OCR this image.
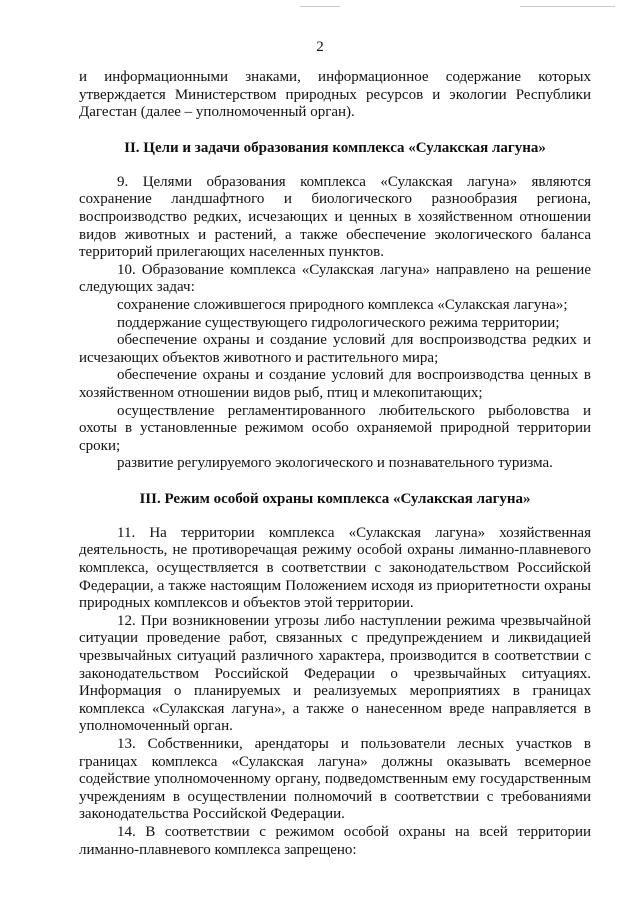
2

и информационными знаками, информационное содержание которых утверждается Министерством природных ресурсов и экологии Республики Дагестан (далее – уполномоченный орган).

II. Цели и задачи образования комплекса «Сулакская лагуна»

9. Целями образования комплекса «Сулакская лагуна» являются сохранение ландшафтного и биологического разнообразия региона, воспроизводство редких, исчезающих и ценных в хозяйственном отношении видов животных и растений, а также обеспечение экологического баланса территорий прилегающих населенных пунктов.

10. Образование комплекса «Сулакская лагуна» направлено на решение следующих задач:

сохранение сложившегося природного комплекса «Сулакская лагуна»;

поддержание существующего гидрологического режима территории;

обеспечение охраны и создание условий для воспроизводства редких и исчезающих объектов животного и растительного мира;

обеспечение охраны и создание условий для воспроизводства ценных в хозяйственном отношении видов рыб, птиц и млекопитающих;

осуществление регламентированного любительского рыболовства и охоты в установленные режимом особо охраняемой природной территории сроки;

развитие регулируемого экологического и познавательного туризма.

III. Режим особой охраны комплекса «Сулакская лагуна»

11. На территории комплекса «Сулакская лагуна» хозяйственная деятельность, не противоречащая режиму особой охраны лиманно-плавневого комплекса, осуществляется в соответствии с законодательством Российской Федерации, а также настоящим Положением исходя из приоритетности охраны природных комплексов и объектов этой территории.

12. При возникновении угрозы либо наступлении режима чрезвычайной ситуации проведение работ, связанных с предупреждением и ликвидацией чрезвычайных ситуаций различного характера, производится в соответствии с законодательством Российской Федерации о чрезвычайных ситуациях. Информация о планируемых и реализуемых мероприятиях в границах комплекса «Сулакская лагуна», а также о нанесенном вреде направляется в уполномоченный орган.

13. Собственники, арендаторы и пользователи лесных участков в границах комплекса «Сулакская лагуна» должны оказывать всемерное содействие уполномоченному органу, подведомственным ему государственным учреждениям в осуществлении полномочий в соответствии с требованиями законодательства Российской Федерации.

14. В соответствии с режимом особой охраны на всей территории лиманно-плавневого комплекса запрещено:
